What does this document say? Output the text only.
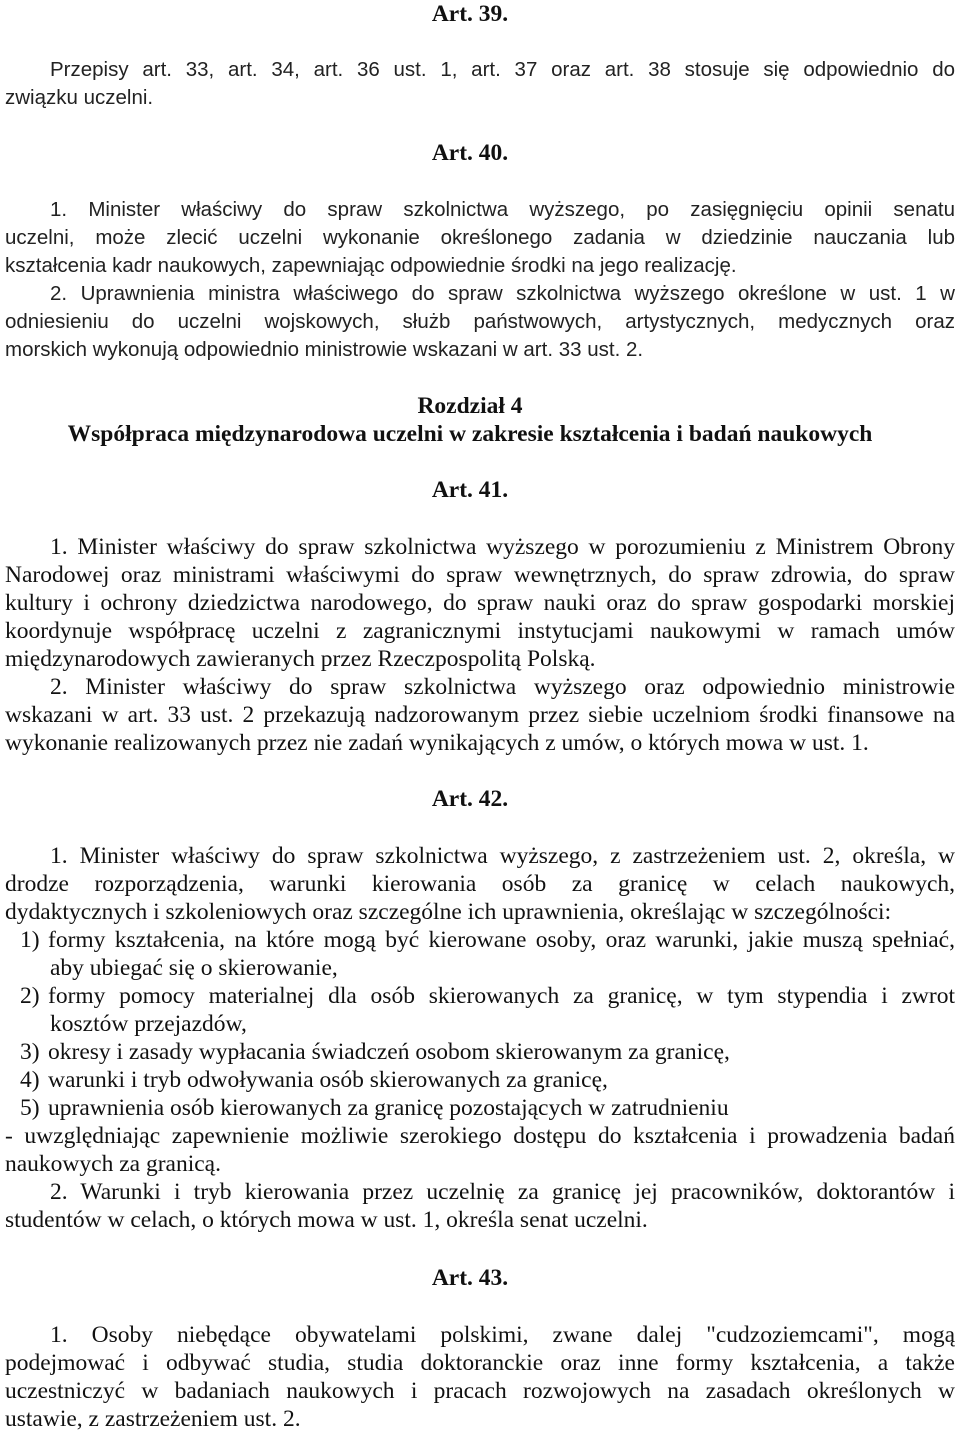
Art. 39.
Przepisy art. 33, art. 34, art. 36 ust. 1, art. 37 oraz art. 38 stosuje się odpowiednio do
związku uczelni.
Art. 40.
1. Minister właściwy do spraw szkolnictwa wyższego, po zasięgnięciu opinii senatu
uczelni, może zlecić uczelni wykonanie określonego zadania w dziedzinie nauczania lub
kształcenia kadr naukowych, zapewniając odpowiednie środki na jego realizację.
2. Uprawnienia ministra właściwego do spraw szkolnictwa wyższego określone w ust. 1 w
odniesieniu do uczelni wojskowych, służb państwowych, artystycznych, medycznych oraz
morskich wykonują odpowiednio ministrowie wskazani w art. 33 ust. 2.
Rozdział 4
Współpraca międzynarodowa uczelni w zakresie kształcenia i badań naukowych
Art. 41.
1. Minister właściwy do spraw szkolnictwa wyższego w porozumieniu z Ministrem Obrony
Narodowej oraz ministrami właściwymi do spraw wewnętrznych, do spraw zdrowia, do spraw
kultury i ochrony dziedzictwa narodowego, do spraw nauki oraz do spraw gospodarki morskiej
koordynuje współpracę uczelni z zagranicznymi instytucjami naukowymi w ramach umów
międzynarodowych zawieranych przez Rzeczpospolitą Polską.
2. Minister właściwy do spraw szkolnictwa wyższego oraz odpowiednio ministrowie
wskazani w art. 33 ust. 2 przekazują nadzorowanym przez siebie uczelniom środki finansowe na
wykonanie realizowanych przez nie zadań wynikających z umów, o których mowa w ust. 1.
Art. 42.
1. Minister właściwy do spraw szkolnictwa wyższego, z zastrzeżeniem ust. 2, określa, w
drodze rozporządzenia, warunki kierowania osób za granicę w celach naukowych,
dydaktycznych i szkoleniowych oraz szczególne ich uprawnienia, określając w szczególności:
1) formy kształcenia, na które mogą być kierowane osoby, oraz warunki, jakie muszą spełniać,
aby ubiegać się o skierowanie,
2) formy pomocy materialnej dla osób skierowanych za granicę, w tym stypendia i zwrot
kosztów przejazdów,
3) okresy i zasady wypłacania świadczeń osobom skierowanym za granicę,
4) warunki i tryb odwoływania osób skierowanych za granicę,
5) uprawnienia osób kierowanych za granicę pozostających w zatrudnieniu
- uwzględniając zapewnienie możliwie szerokiego dostępu do kształcenia i prowadzenia badań
naukowych za granicą.
2. Warunki i tryb kierowania przez uczelnię za granicę jej pracowników, doktorantów i
studentów w celach, o których mowa w ust. 1, określa senat uczelni.
Art. 43.
1. Osoby niebędące obywatelami polskimi, zwane dalej "cudzoziemcami", mogą
podejmować i odbywać studia, studia doktoranckie oraz inne formy kształcenia, a także
uczestniczyć w badaniach naukowych i pracach rozwojowych na zasadach określonych w
ustawie, z zastrzeżeniem ust. 2.
